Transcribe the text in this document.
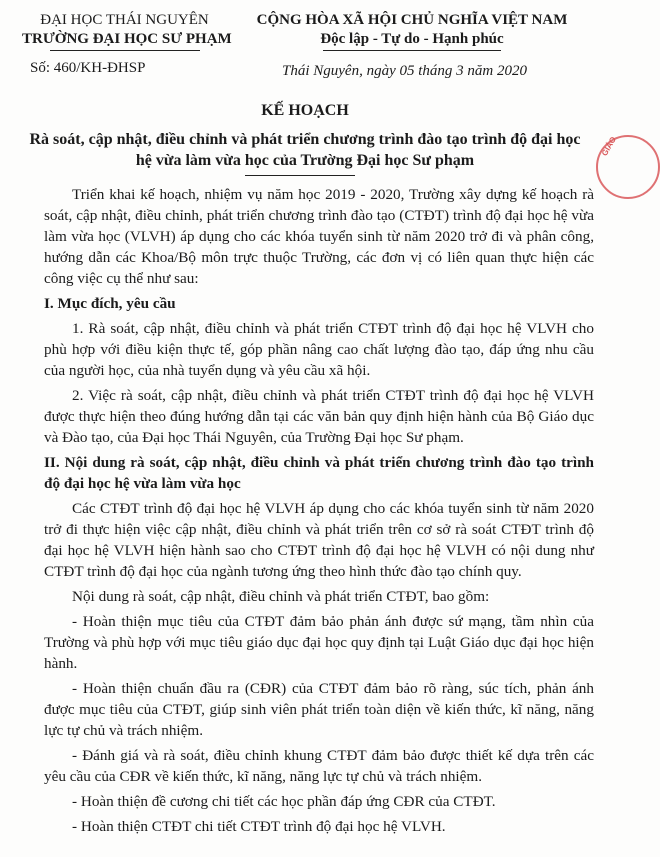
ĐẠI HỌC THÁI NGUYÊN
TRƯỜNG ĐẠI HỌC SƯ PHẠM
Số: 460/KH-ĐHSP
CỘNG HÒA XÃ HỘI CHỦ NGHĨA VIỆT NAM
Độc lập - Tự do - Hạnh phúc
Thái Nguyên, ngày 05 tháng 3 năm 2020
GIÁO
KẾ HOẠCH
Rà soát, cập nhật, điều chỉnh và phát triển chương trình đào tạo trình độ đại học hệ vừa làm vừa học của Trường Đại học Sư phạm

Triển khai kế hoạch, nhiệm vụ năm học 2019 - 2020, Trường xây dựng kế hoạch rà soát, cập nhật, điều chỉnh, phát triển chương trình đào tạo (CTĐT) trình độ đại học hệ vừa làm vừa học (VLVH) áp dụng cho các khóa tuyển sinh từ năm 2020 trở đi và phân công, hướng dẫn các Khoa/Bộ môn trực thuộc Trường, các đơn vị có liên quan thực hiện các công việc cụ thể như sau:

I. Mục đích, yêu cầu

1. Rà soát, cập nhật, điều chỉnh và phát triển CTĐT trình độ đại học hệ VLVH cho phù hợp với điều kiện thực tế, góp phần nâng cao chất lượng đào tạo, đáp ứng nhu cầu của người học, của nhà tuyển dụng và yêu cầu xã hội.

2. Việc rà soát, cập nhật, điều chỉnh và phát triển CTĐT trình độ đại học hệ VLVH được thực hiện theo đúng hướng dẫn tại các văn bản quy định hiện hành của Bộ Giáo dục và Đào tạo, của Đại học Thái Nguyên, của Trường Đại học Sư phạm.

II. Nội dung rà soát, cập nhật, điều chỉnh và phát triển chương trình đào tạo trình độ đại học hệ vừa làm vừa học

Các CTĐT trình độ đại học hệ VLVH áp dụng cho các khóa tuyển sinh từ năm 2020 trở đi thực hiện việc cập nhật, điều chỉnh và phát triển trên cơ sở rà soát CTĐT trình độ đại học hệ VLVH hiện hành sao cho CTĐT trình độ đại học hệ VLVH có nội dung như CTĐT trình độ đại học của ngành tương ứng theo hình thức đào tạo chính quy.

Nội dung rà soát, cập nhật, điều chỉnh và phát triển CTĐT, bao gồm:

- Hoàn thiện mục tiêu của CTĐT đảm bảo phản ánh được sứ mạng, tầm nhìn của Trường và phù hợp với mục tiêu giáo dục đại học quy định tại Luật Giáo dục đại học hiện hành.

- Hoàn thiện chuẩn đầu ra (CĐR) của CTĐT đảm bảo rõ ràng, súc tích, phản ánh được mục tiêu của CTĐT, giúp sinh viên phát triển toàn diện về kiến thức, kĩ năng, năng lực tự chủ và trách nhiệm.

- Đánh giá và rà soát, điều chỉnh khung CTĐT đảm bảo được thiết kế dựa trên các yêu cầu của CĐR về kiến thức, kĩ năng, năng lực tự chủ và trách nhiệm.

- Hoàn thiện đề cương chi tiết các học phần đáp ứng CĐR của CTĐT.

- Hoàn thiện CTĐT chi tiết CTĐT trình độ đại học hệ VLVH.
